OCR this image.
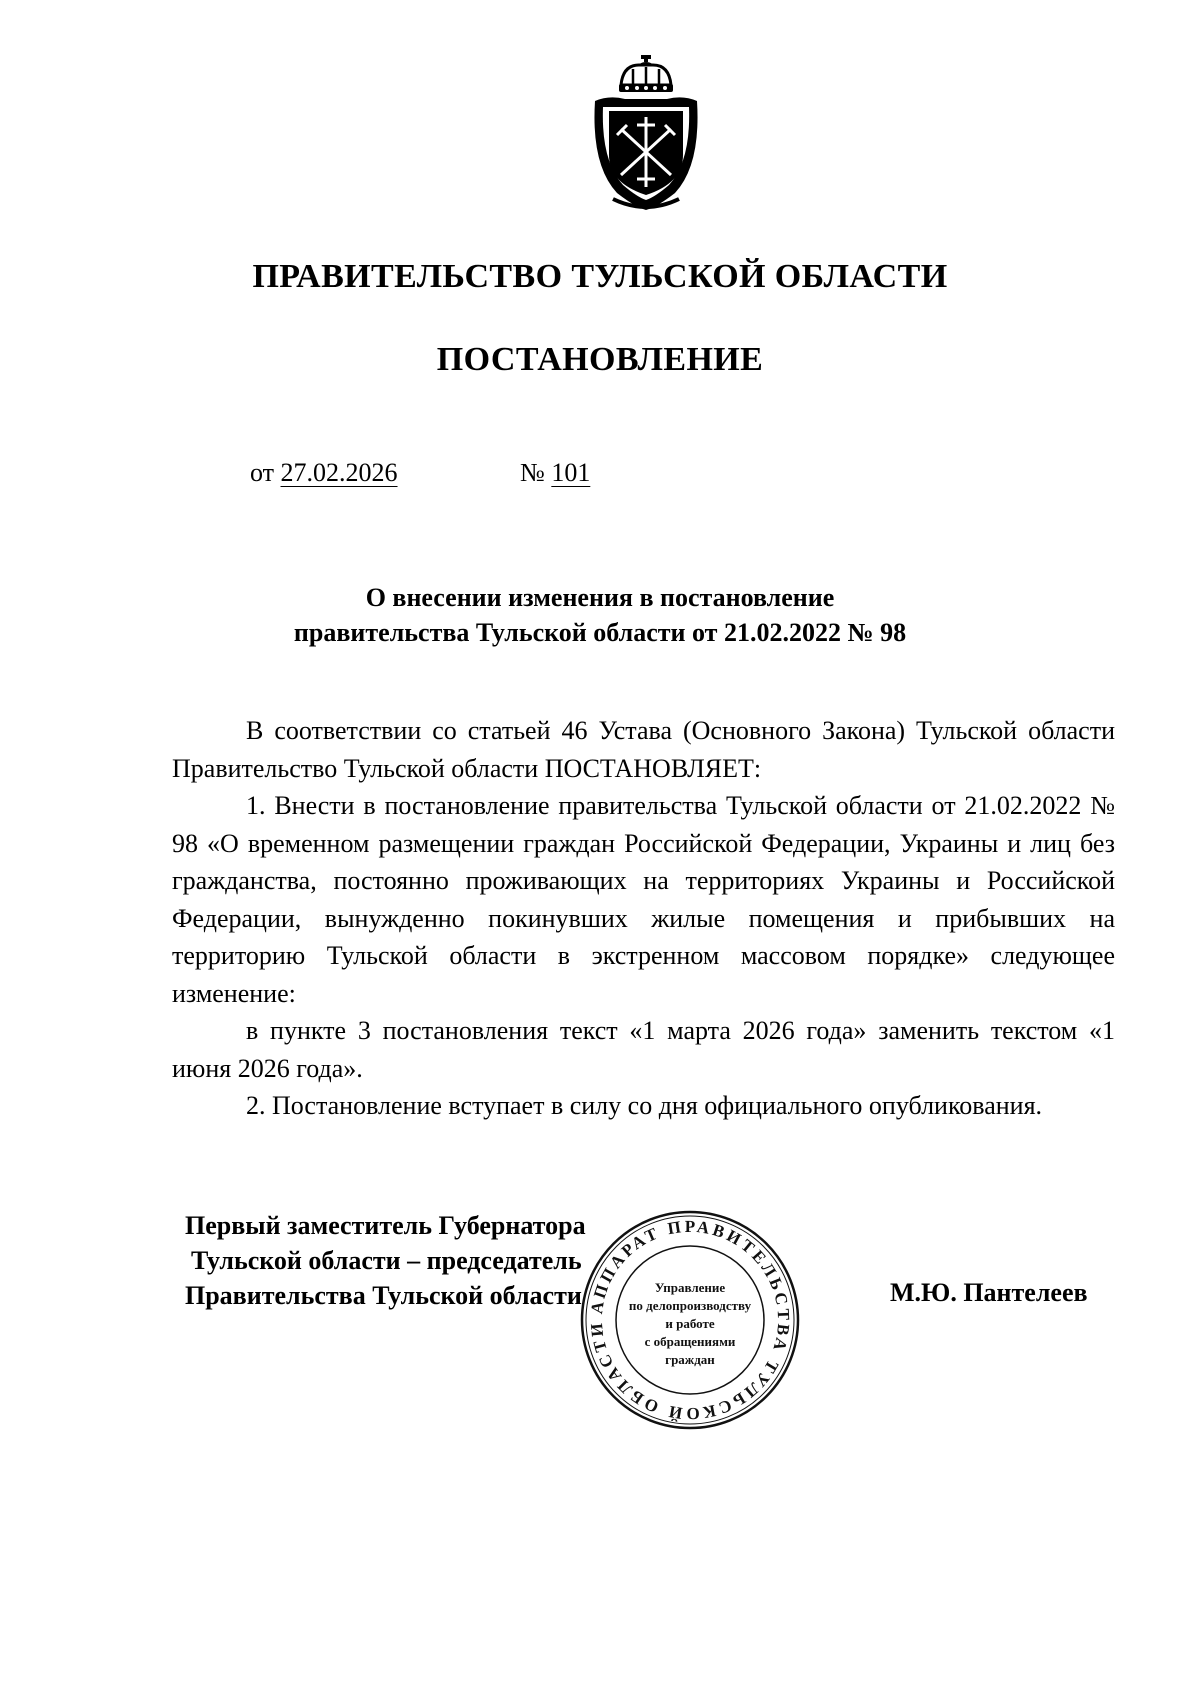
ПРАВИТЕЛЬСТВО ТУЛЬСКОЙ ОБЛАСТИ
ПОСТАНОВЛЕНИЕ
от 27.02.2026	№ 101
О внесении изменения в постановление
правительства Тульской области от 21.02.2022 № 98

В соответствии со статьей 46 Устава (Основного Закона) Тульской области Правительство Тульской области ПОСТАНОВЛЯЕТ:

1. Внести в постановление правительства Тульской области от 21.02.2022 № 98 «О временном размещении граждан Российской Федерации, Украины и лиц без гражданства, постоянно проживающих на территориях Украины и Российской Федерации, вынужденно покинувших жилые помещения и прибывших на территорию Тульской области в экстренном массовом порядке» следующее изменение:

в пункте 3 постановления текст «1 марта 2026 года» заменить текстом «1 июня 2026 года».

2. Постановление вступает в силу со дня официального опубликования.

АППАРАТ ПРАВИТЕЛЬСТВА ТУЛЬСКОЙ ОБЛАСТИ
Управление
по делопроизводству
и работе
с обращениями
граждан
Первый заместитель Губернатора
Тульской области – председатель
Правительства Тульской области	М.Ю. Пантелеев
